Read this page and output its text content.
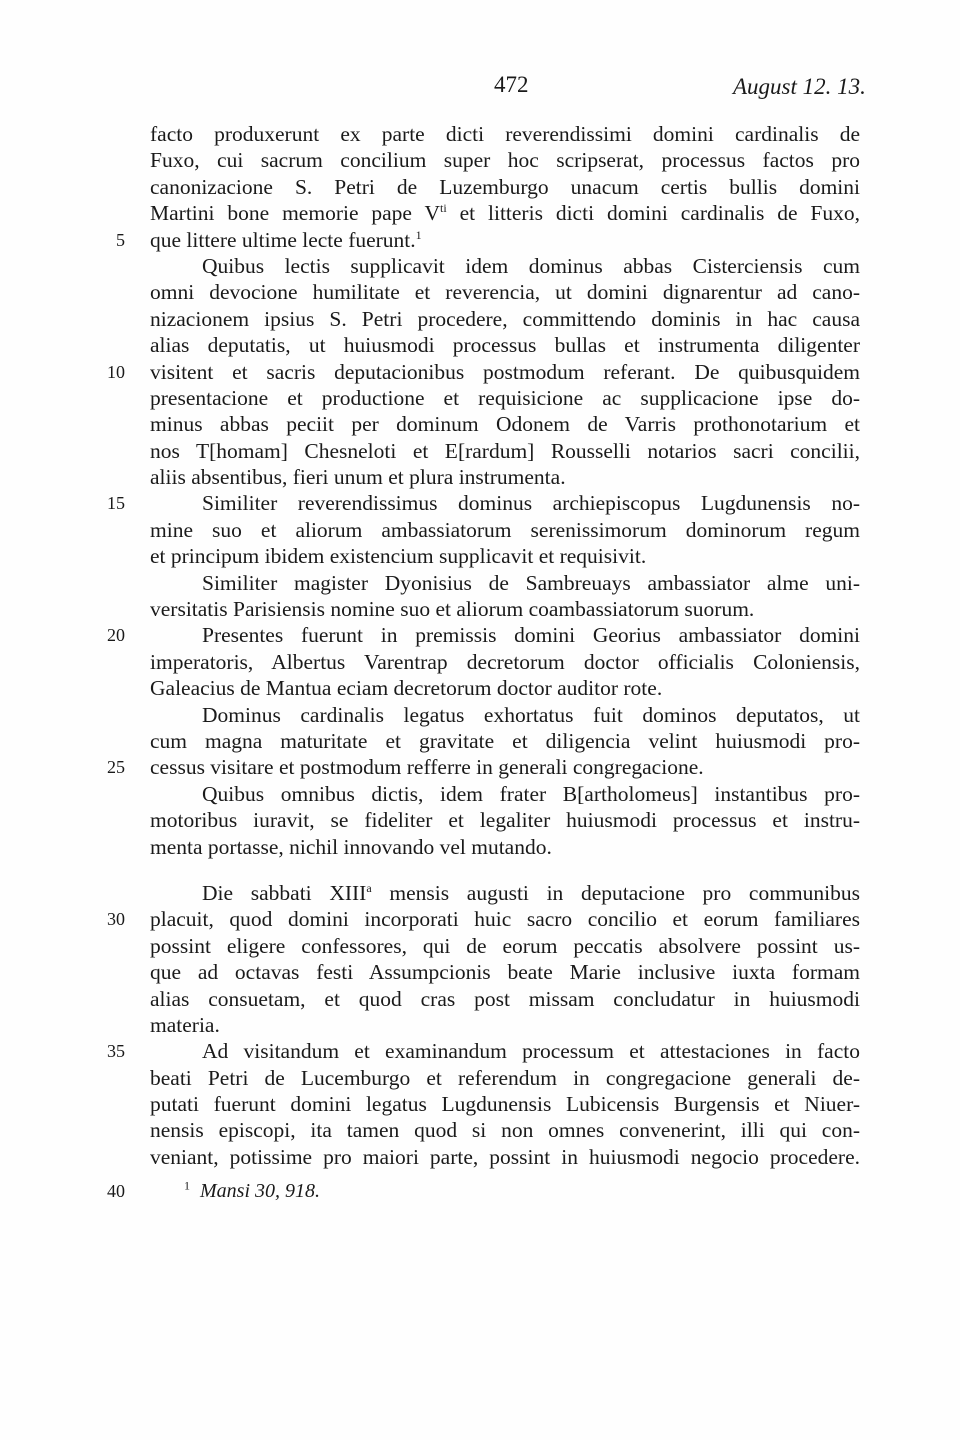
472	August 12. 13.
facto produxerunt ex parte dicti reverendissimi domini cardinalis de
Fuxo, cui sacrum concilium super hoc scripserat, processus factos pro
canonizacione S. Petri de Luzemburgo unacum certis bullis domini
Martini bone memorie pape $V^{ti}$ et litteris dicti domini cardinalis de Fuxo,
5 que littere ultime lecte fuerunt.$^1$
Quibus lectis supplicavit idem dominus abbas Cisterciensis cum
omni devocione humilitate et reverencia, ut domini dignarentur ad cano-
nizacionem ipsius S. Petri procedere, committendo dominis in hac causa
alias deputatis, ut huiusmodi processus bullas et instrumenta diligenter
10 visitent et sacris deputacionibus postmodum referant. De quibusquidem
presentacione et productione et requisicione ac supplicacione ipse do-
minus abbas peciit per dominum Odonem de Varris prothonotarium et
nos T[homam] Chesneloti et E[rardum] Rousselli notarios sacri concilii,
aliis absentibus, fieri unum et plura instrumenta.
15	Similiter reverendissimus dominus archiepiscopus Lugdunensis no-
mine suo et aliorum ambassiatorum serenissimorum dominorum regum
et principum ibidem existencium supplicavit et requisivit.
Similiter magister Dyonisius de Sambreuays ambassiator alme uni-
versitatis Parisiensis nomine suo et aliorum coambassiatorum suorum.
20	Presentes fuerunt in premissis domini Georius ambassiator domini
imperatoris, Albertus Varentrap decretorum doctor officialis Coloniensis,
Galeacius de Mantua eciam decretorum doctor auditor rote.
Dominus cardinalis legatus exhortatus fuit dominos deputatos, ut
cum magna maturitate et gravitate et diligencia velint huiusmodi pro-
25 cessus visitare et postmodum refferre in generali congregacione.
Quibus omnibus dictis, idem frater B[artholomeus] instantibus pro-
motoribus iuravit, se fideliter et legaliter huiusmodi processus et instru-
menta portasse, nichil innovando vel mutando.
Die sabbati XIII$^a$ mensis augusti in deputacione pro communibus
30 placuit, quod domini incorporati huic sacro concilio et eorum familiares
possint eligere confessores, qui de eorum peccatis absolvere possint us-
que ad octavas festi Assumpcionis beate Marie inclusive iuxta formam
alias consuetam, et quod cras post missam concludatur in huiusmodi
materia.
35	Ad visitandum et examinandum processum et attestaciones in facto
beati Petri de Lucemburgo et referendum in congregacione generali de-
putati fuerunt domini legatus Lugdunensis Lubicensis Burgensis et Niuer-
nensis episcopi, ita tamen quod si non omnes convenerint, illi qui con-
veniant, potissime pro maiori parte, possint in huiusmodi negocio procedere.
40	$^1$ Mansi 30, 918.
